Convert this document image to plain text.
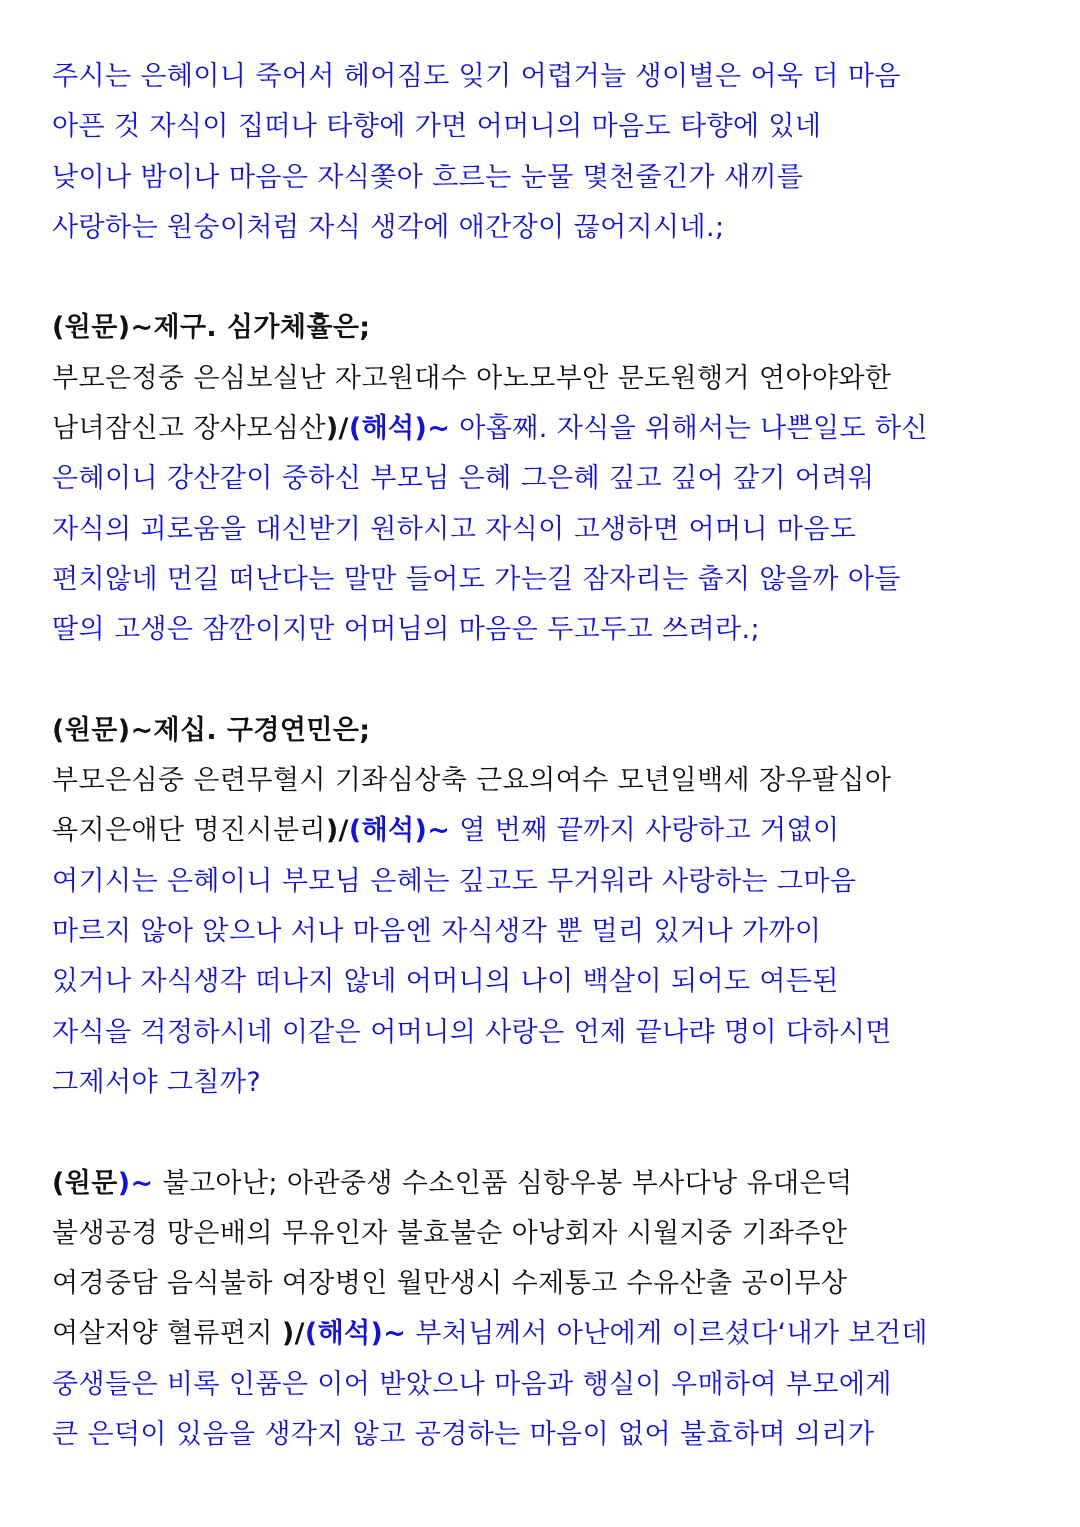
주시는 은혜이니 죽어서 헤어짐도 잊기 어렵거늘 생이별은 어욱 더 마음
아픈 것 자식이 집떠나 타향에 가면 어머니의 마음도 타향에 있네
낮이나 밤이나 마음은 자식쫓아 흐르는 눈물 몇천줄긴가 새끼를
사랑하는 원숭이처럼 자식 생각에 애간장이 끊어지시네.;
(원문)~제구. 심가체휼은;
부모은정중 은심보실난 자고원대수 아노모부안 문도원행거 연아야와한
남녀잠신고 장사모심산)/(해석)~ 아홉째. 자식을 위해서는 나쁜일도 하신
은혜이니 강산같이 중하신 부모님 은혜 그은혜 깊고 깊어 갚기 어려워
자식의 괴로움을 대신받기 원하시고 자식이 고생하면 어머니 마음도
편치않네 먼길 떠난다는 말만 들어도 가는길 잠자리는 춥지 않을까 아들
딸의 고생은 잠깐이지만 어머님의 마음은 두고두고 쓰려라.;
(원문)~제십. 구경연민은;
부모은심중 은련무혈시 기좌심상축 근요의여수 모년일백세 장우팔십아
욕지은애단 명진시분리)/(해석)~ 열 번째 끝까지 사랑하고 거엾이
여기시는 은혜이니 부모님 은혜는 깊고도 무거워라 사랑하는 그마음
마르지 않아 앉으나 서나 마음엔 자식생각 뿐 멀리 있거나 가까이
있거나 자식생각 떠나지 않네 어머니의 나이 백살이 되어도 여든된
자식을 걱정하시네 이같은 어머니의 사랑은 언제 끝나랴 명이 다하시면
그제서야 그칠까?
(원문)~ 불고아난; 아관중생 수소인품 심항우봉 부사다낭 유대은덕
불생공경 망은배의 무유인자 불효불순 아낭회자 시월지중 기좌주안
여경중담 음식불하 여장병인 월만생시 수제통고 수유산출 공이무상
여살저양 혈류편지 )/(해석)~ 부처님께서 아난에게 이르셨다‘내가 보건데
중생들은 비록 인품은 이어 받았으나 마음과 행실이 우매하여 부모에게
큰 은덕이 있음을 생각지 않고 공경하는 마음이 없어 불효하며 의리가
